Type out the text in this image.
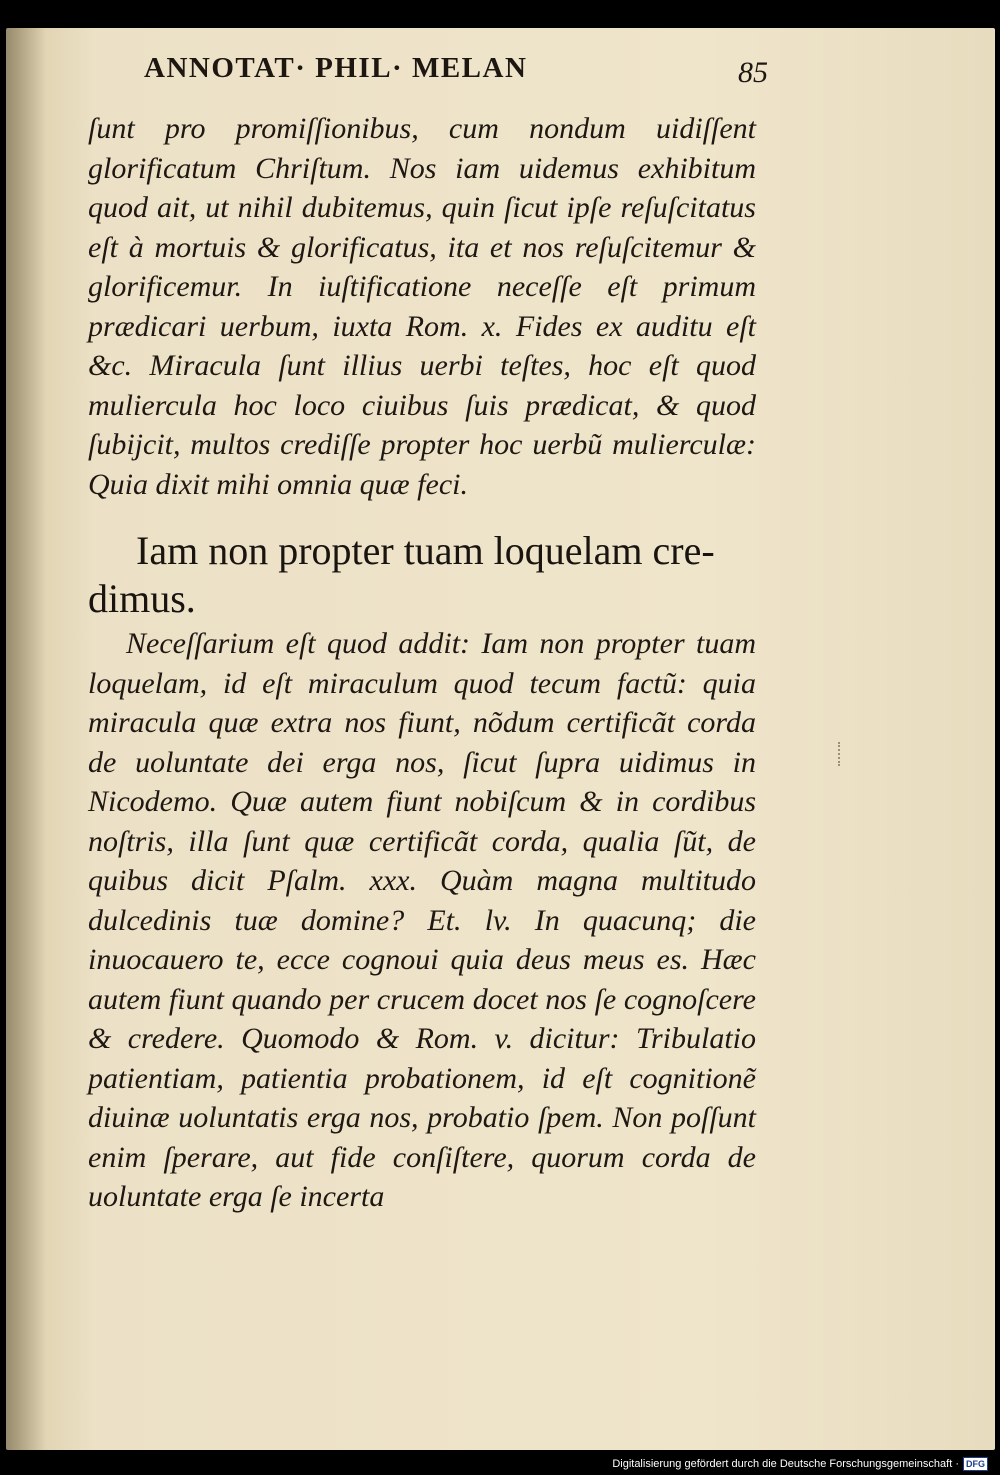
ANNOTAT· PHIL· MELAN	85

ſunt pro promiſſionibus, cum nondum uidiſſent glorificatum Chriſtum. Nos iam uidemus exhibitum quod ait, ut nihil dubitemus, quin ſicut ipſe reſuſcitatus eſt à mortuis & glorificatus, ita et nos reſuſcitemur & glorificemur. In iuſtificatione neceſſe eſt primum prædicari uerbum, iuxta Rom. x. Fides ex auditu eſt &c. Miracula ſunt illius uerbi teſtes, hoc eſt quod muliercula hoc loco ciuibus ſuis prædicat, & quod ſubijcit, multos crediſſe propter hoc uerbũ mulierculæ: Quia dixit mihi omnia quæ feci.

Iam non propter tuam loquelam cre-
dimus.

Neceſſarium eſt quod addit: Iam non propter tuam loquelam, id eſt miraculum quod tecum factũ: quia miracula quæ extra nos fiunt, nõdum certificãt corda de uoluntate dei erga nos, ſicut ſupra uidimus in Nicodemo. Quæ autem fiunt nobiſcum & in cordibus noſtris, illa ſunt quæ certificãt corda, qualia ſũt, de quibus dicit Pſalm. xxx. Quàm magna multitudo dulcedinis tuæ domine? Et. lv. In quacunq; die inuocauero te, ecce cognoui quia deus meus es. Hæc autem fiunt quando per crucem docet nos ſe cognoſcere & credere. Quomodo & Rom. v. dicitur: Tribulatio patientiam, patientia probationem, id eſt cognitionẽ diuinæ uoluntatis erga nos, probatio ſpem. Non poſſunt enim ſperare, aut fide conſiſtere, quorum corda de uoluntate erga ſe incerta

Digitalisierung gefördert durch die Deutsche Forschungsgemeinschaft · DFG
